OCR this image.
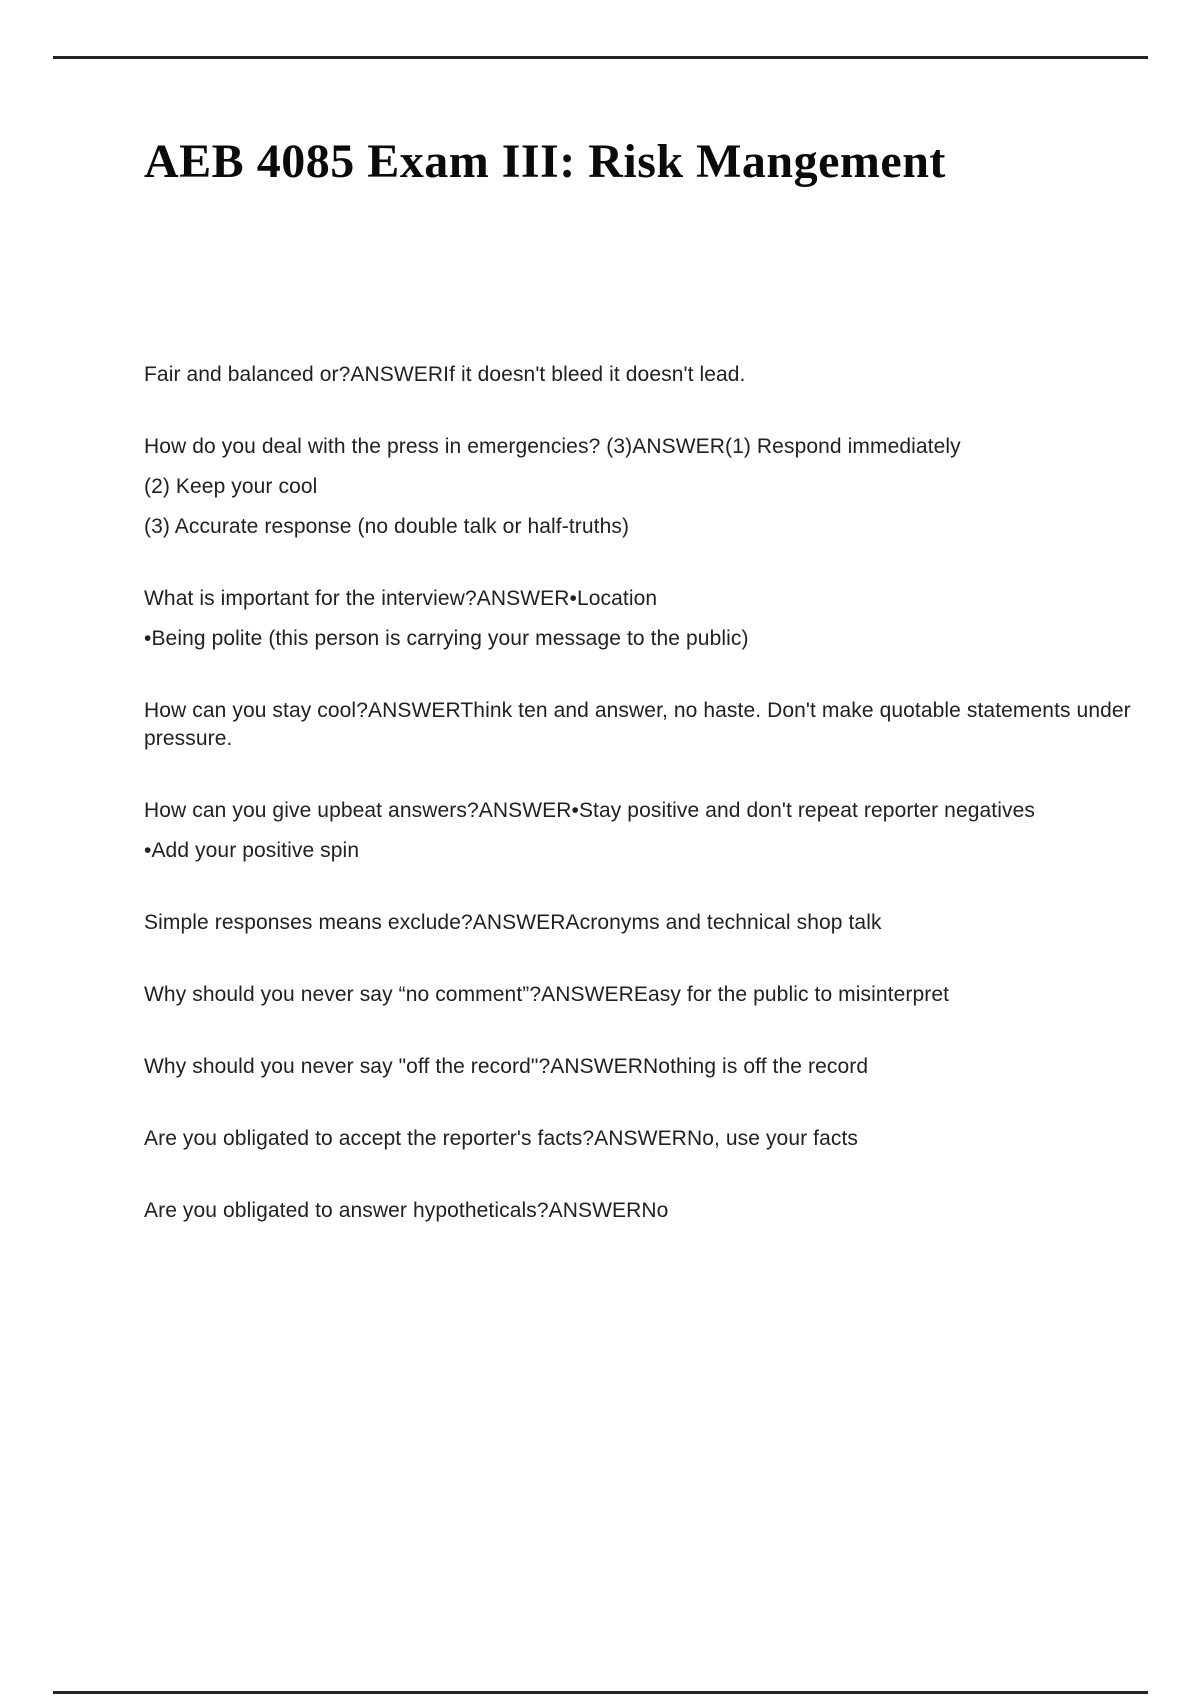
AEB 4085 Exam III: Risk Mangement

Fair and balanced or?ANSWERIf it doesn't bleed it doesn't lead.

How do you deal with the press in emergencies? (3)ANSWER(1) Respond immediately

(2) Keep your cool

(3) Accurate response (no double talk or half-truths)

What is important for the interview?ANSWER•Location

•Being polite (this person is carrying your message to the public)

How can you stay cool?ANSWERThink ten and answer, no haste. Don't make quotable statements under pressure.

How can you give upbeat answers?ANSWER•Stay positive and don't repeat reporter negatives

•Add your positive spin

Simple responses means exclude?ANSWERAcronyms and technical shop talk

Why should you never say “no comment”?ANSWEREasy for the public to misinterpret

Why should you never say "off the record"?ANSWERNothing is off the record

Are you obligated to accept the reporter's facts?ANSWERNo, use your facts

Are you obligated to answer hypotheticals?ANSWERNo
